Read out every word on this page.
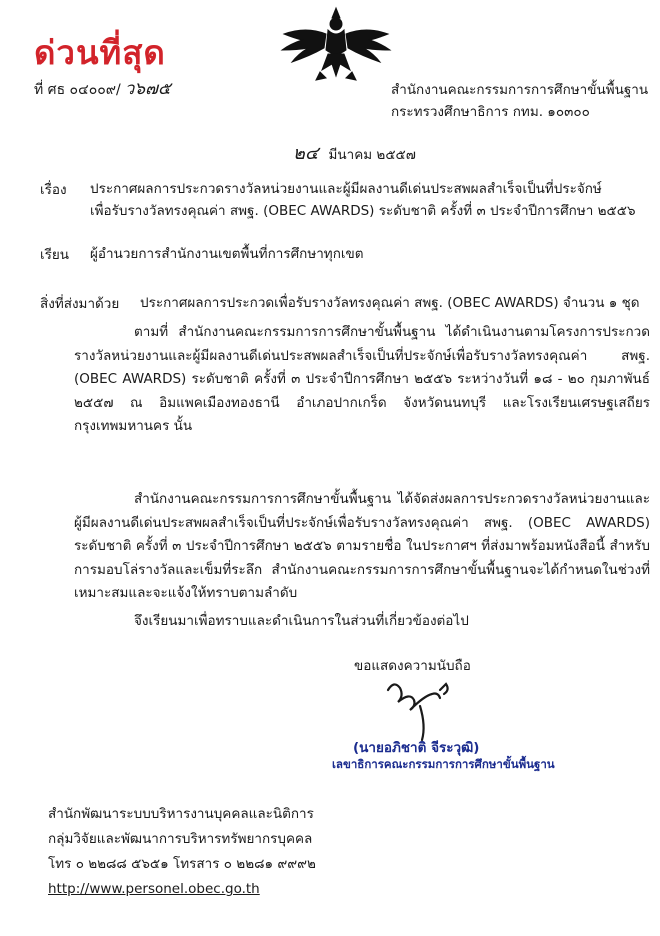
ด่วนที่สุด
ที่ ศธ ๐๔๐๐๙/ ว๖๗๕	สำนักงานคณะกรรมการการศึกษาขั้นพื้นฐาน
กระทรวงศึกษาธิการ กทม. ๑๐๓๐๐
๒๔ มีนาคม ๒๕๕๗
เรื่อง ประกาศผลการประกวดรางวัลหน่วยงานและผู้มีผลงานดีเด่นประสพผลสำเร็จเป็นที่ประจักษ์
เพื่อรับรางวัลทรงคุณค่า สพฐ. (OBEC AWARDS) ระดับชาติ ครั้งที่ ๓ ประจำปีการศึกษา ๒๕๕๖
เรียน ผู้อำนวยการสำนักงานเขตพื้นที่การศึกษาทุกเขต
สิ่งที่ส่งมาด้วย ประกาศผลการประกวดเพื่อรับรางวัลทรงคุณค่า สพฐ. (OBEC AWARDS) จำนวน ๑ ชุด
ตามที่ สำนักงานคณะกรรมการการศึกษาขั้นพื้นฐาน ได้ดำเนินงานตามโครงการประกวดรางวัลหน่วยงานและผู้มีผลงานดีเด่นประสพผลสำเร็จเป็นที่ประจักษ์เพื่อรับรางวัลทรงคุณค่า สพฐ. (OBEC AWARDS) ระดับชาติ ครั้งที่ ๓ ประจำปีการศึกษา ๒๕๕๖ ระหว่างวันที่ ๑๘ - ๒๐ กุมภาพันธ์ ๒๕๕๗ ณ อิมแพคเมืองทองธานี อำเภอปากเกร็ด จังหวัดนนทบุรี และโรงเรียนเศรษฐเสถียร กรุงเทพมหานคร นั้น
สำนักงานคณะกรรมการการศึกษาขั้นพื้นฐาน ได้จัดส่งผลการประกวดรางวัลหน่วยงานและผู้มีผลงานดีเด่นประสพผลสำเร็จเป็นที่ประจักษ์เพื่อรับรางวัลทรงคุณค่า สพฐ. (OBEC AWARDS) ระดับชาติ ครั้งที่ ๓ ประจำปีการศึกษา ๒๕๕๖ ตามรายชื่อ ในประกาศฯ ที่ส่งมาพร้อมหนังสือนี้ สำหรับการมอบโล่รางวัลและเข็มที่ระลึก สำนักงานคณะกรรมการการศึกษาขั้นพื้นฐานจะได้กำหนดในช่วงที่เหมาะสมและจะแจ้งให้ทราบตามลำดับ
จึงเรียนมาเพื่อทราบและดำเนินการในส่วนที่เกี่ยวข้องต่อไป
ขอแสดงความนับถือ
(นายอภิชาติ จีระวุฒิ)
เลขาธิการคณะกรรมการการศึกษาขั้นพื้นฐาน
สำนักพัฒนาระบบบริหารงานบุคคลและนิติการ
กลุ่มวิจัยและพัฒนาการบริหารทรัพยากรบุคคล
โทร ๐ ๒๒๘๘ ๕๖๕๑ โทรสาร ๐ ๒๒๘๑ ๙๙๙๒
http://www.personel.obec.go.th
